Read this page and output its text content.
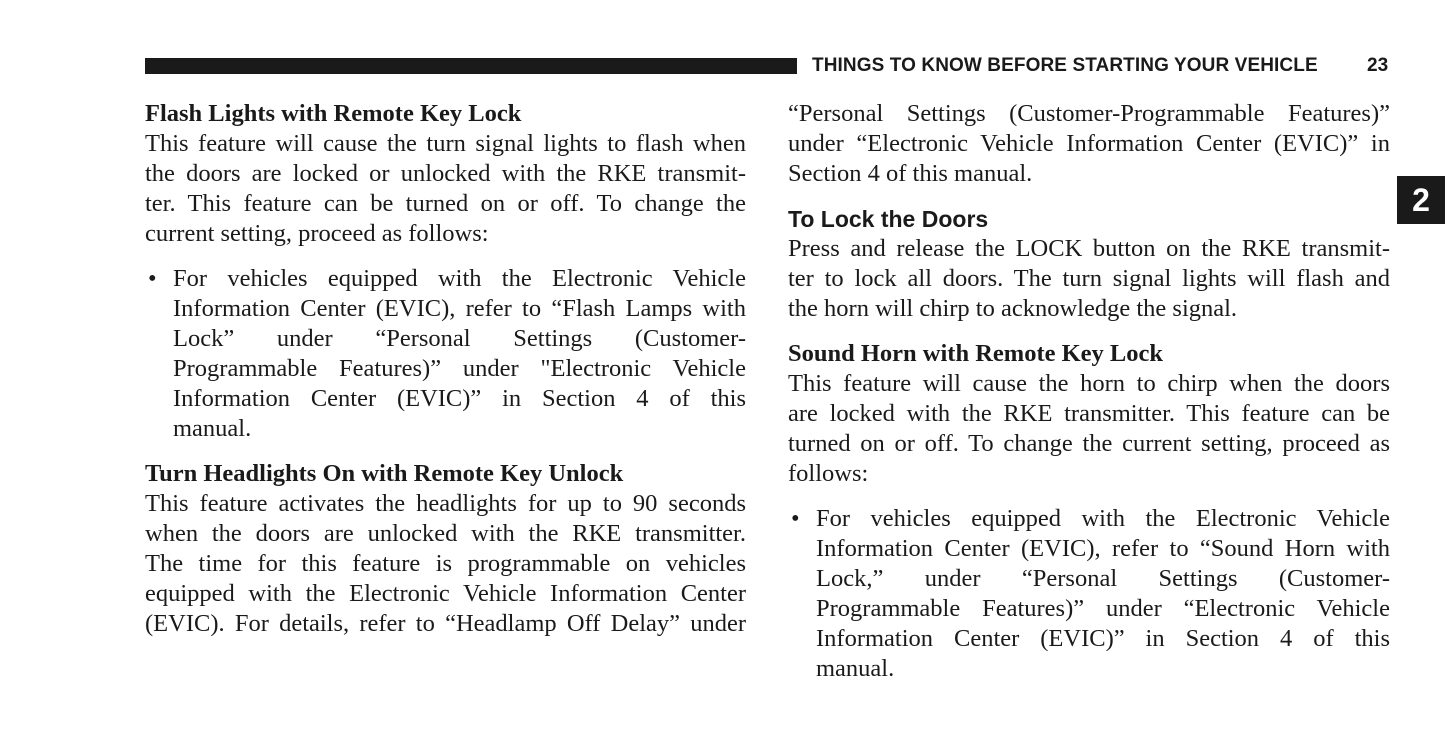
THINGS TO KNOW BEFORE STARTING YOUR VEHICLE	23
2
Flash Lights with Remote Key Lock
This feature will cause the turn signal lights to flash when
the doors are locked or unlocked with the RKE transmit-
ter. This feature can be turned on or off. To change the
current setting, proceed as follows:
• For vehicles equipped with the Electronic Vehicle
Information Center (EVIC), refer to “Flash Lamps with
Lock” under “Personal Settings (Customer-
Programmable Features)” under "Electronic Vehicle
Information Center (EVIC)” in Section 4 of this
manual.
Turn Headlights On with Remote Key Unlock
This feature activates the headlights for up to 90 seconds
when the doors are unlocked with the RKE transmitter.
The time for this feature is programmable on vehicles
equipped with the Electronic Vehicle Information Center
(EVIC). For details, refer to “Headlamp Off Delay” under
“Personal Settings (Customer-Programmable Features)”
under “Electronic Vehicle Information Center (EVIC)” in
Section 4 of this manual.
To Lock the Doors
Press and release the LOCK button on the RKE transmit-
ter to lock all doors. The turn signal lights will flash and
the horn will chirp to acknowledge the signal.
Sound Horn with Remote Key Lock
This feature will cause the horn to chirp when the doors
are locked with the RKE transmitter. This feature can be
turned on or off. To change the current setting, proceed as
follows:
• For vehicles equipped with the Electronic Vehicle
Information Center (EVIC), refer to “Sound Horn with
Lock,” under “Personal Settings (Customer-
Programmable Features)” under “Electronic Vehicle
Information Center (EVIC)” in Section 4 of this
manual.
